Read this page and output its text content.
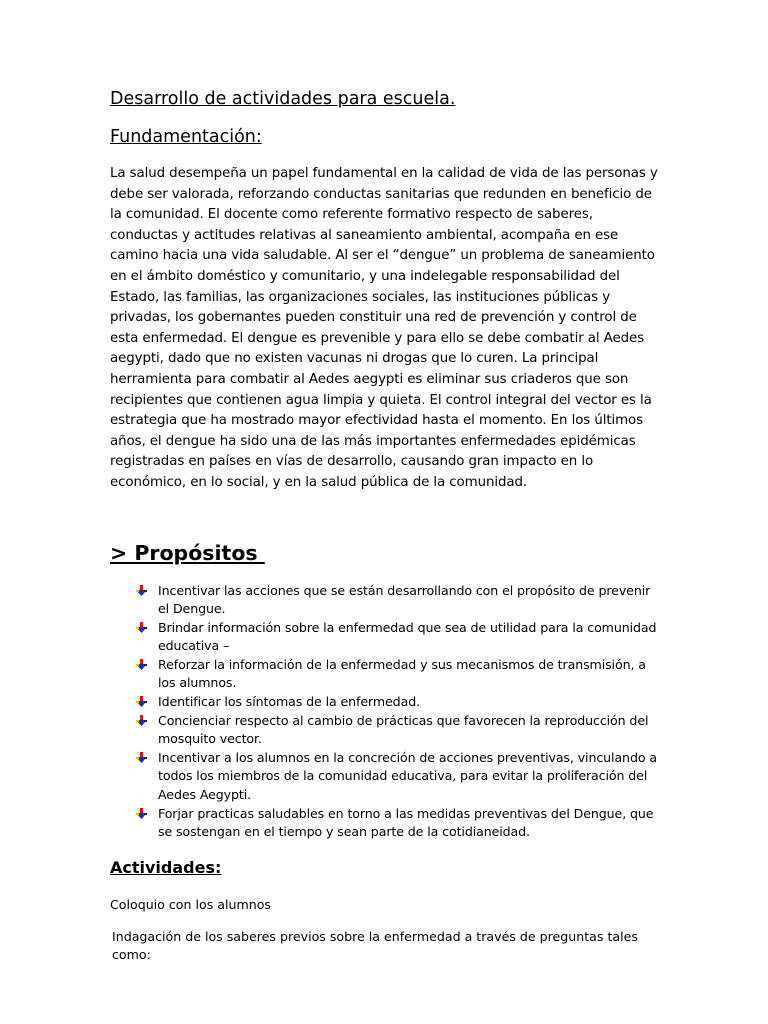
Desarrollo de actividades para escuela.
Fundamentación:

La salud desempeña un papel fundamental en la calidad de vida de las personas y debe ser valorada, reforzando conductas sanitarias que redunden en beneficio de la comunidad. El docente como referente formativo respecto de saberes, conductas y actitudes relativas al saneamiento ambiental, acompaña en ese camino hacia una vida saludable. Al ser el “dengue” un problema de saneamiento en el ámbito doméstico y comunitario, y una indelegable responsabilidad del Estado, las familias, las organizaciones sociales, las instituciones públicas y privadas, los gobernantes pueden constituir una red de prevención y control de esta enfermedad. El dengue es prevenible y para ello se debe combatir al Aedes aegypti, dado que no existen vacunas ni drogas que lo curen. La principal herramienta para combatir al Aedes aegypti es eliminar sus criaderos que son recipientes que contienen agua limpia y quieta. El control integral del vector es la estrategia que ha mostrado mayor efectividad hasta el momento. En los últimos años, el dengue ha sido una de las más importantes enfermedades epidémicas registradas en países en vías de desarrollo, causando gran impacto en lo económico, en lo social, y en la salud pública de la comunidad.

> Propósitos
Incentivar las acciones que se están desarrollando con el propósito de prevenir el Dengue.
Brindar información sobre la enfermedad que sea de utilidad para la comunidad educativa –
Reforzar la información de la enfermedad y sus mecanismos de transmisión, a los alumnos.
Identificar los síntomas de la enfermedad.
Concienciar respecto al cambio de prácticas que favorecen la reproducción del mosquito vector.
Incentivar a los alumnos en la concreción de acciones preventivas, vinculando a todos los miembros de la comunidad educativa, para evitar la proliferación del Aedes Aegypti.
Forjar practicas saludables en torno a las medidas preventivas del Dengue, que se sostengan en el tiempo y sean parte de la cotidianeidad.
Actividades:

Coloquio con los alumnos

Indagación de los saberes previos sobre la enfermedad a través de preguntas tales como:
